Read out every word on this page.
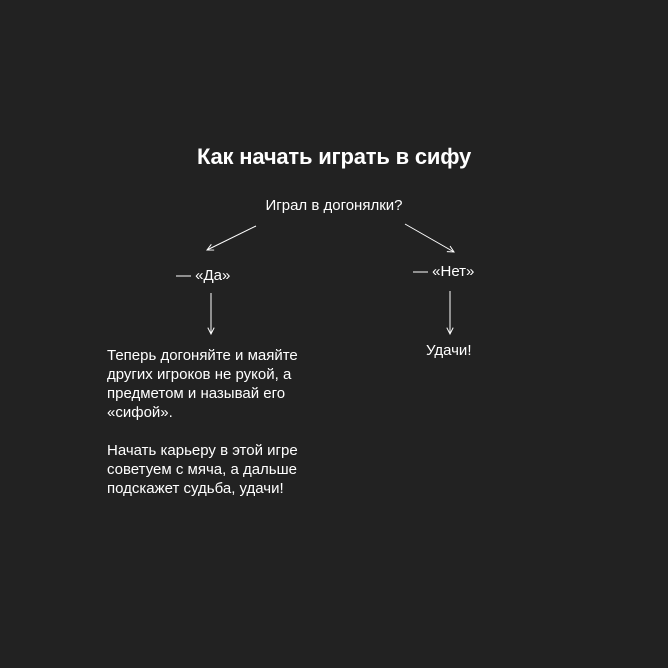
Как начать играть в сифу
Играл в догонялки?
— «Да»	— «Нет»
Теперь догоняйте и маяйте
других игроков не рукой, а
предметом и называй его
«сифой».
Начать карьеру в этой игре
советуем с мяча, а дальше
подскажет судьба, удачи!
Удачи!
